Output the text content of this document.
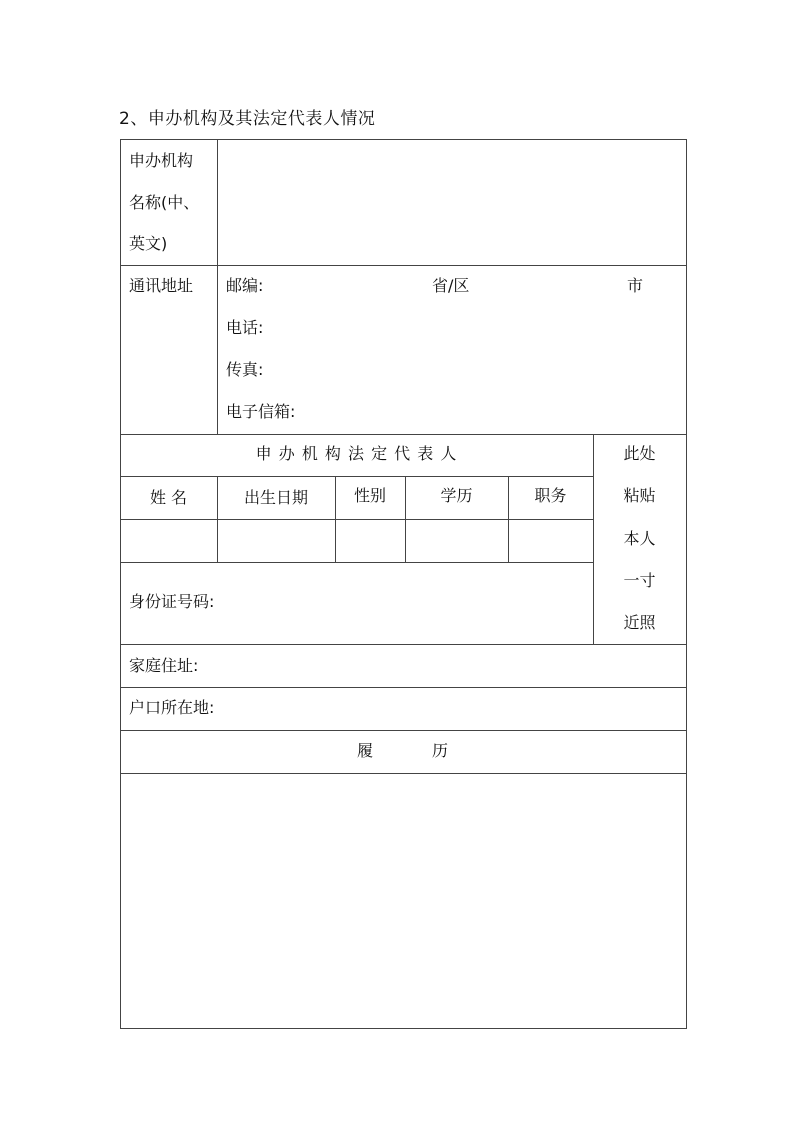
2、申办机构及其法定代表人情况
申办机构
名称(中、
英文)
通讯地址 邮编:	省/区	市
电话:
传真:
电子信箱:
申 办 机 构 法 定 代 表 人
姓 名	出生日期	性别	学历	职务
此处
粘贴
本人
一寸
近照
身份证号码:
家庭住址:
户口所在地:
履	历
